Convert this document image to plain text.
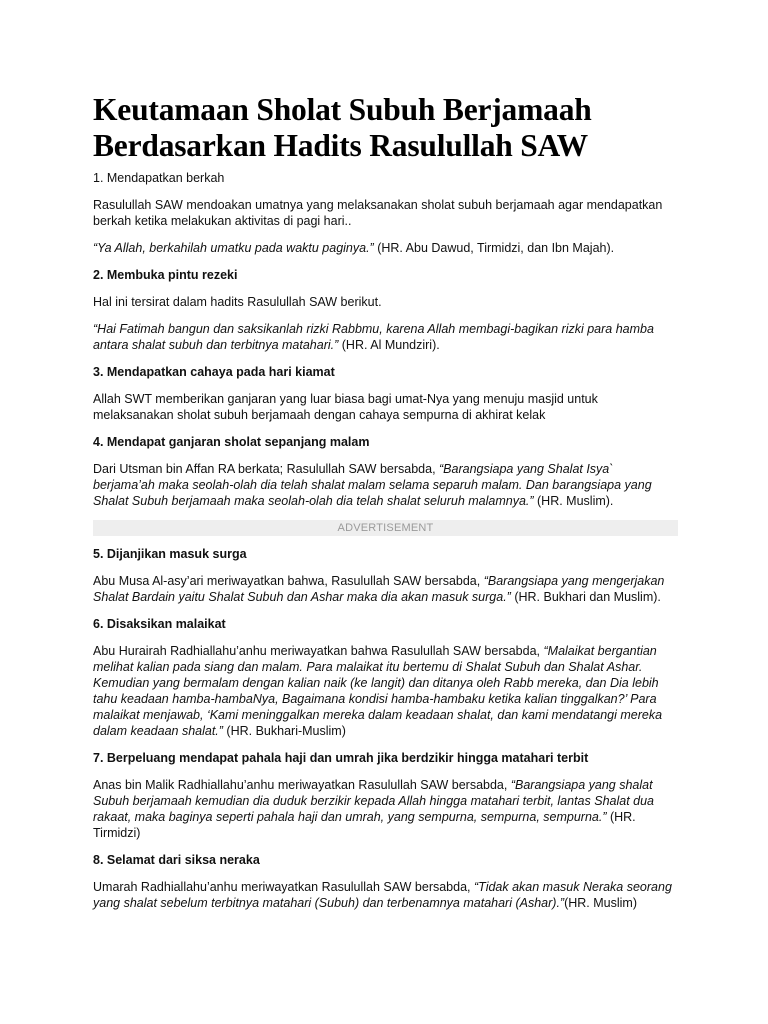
Keutamaan Sholat Subuh Berjamaah Berdasarkan Hadits Rasulullah SAW
1. Mendapatkan berkah

Rasulullah SAW mendoakan umatnya yang melaksanakan sholat subuh berjamaah agar mendapatkan berkah ketika melakukan aktivitas di pagi hari..

“Ya Allah, berkahilah umatku pada waktu paginya.” (HR. Abu Dawud, Tirmidzi, dan Ibn Majah).

2. Membuka pintu rezeki

Hal ini tersirat dalam hadits Rasulullah SAW berikut.

“Hai Fatimah bangun dan saksikanlah rizki Rabbmu, karena Allah membagi-bagikan rizki para hamba antara shalat subuh dan terbitnya matahari.” (HR. Al Mundziri).

3. Mendapatkan cahaya pada hari kiamat

Allah SWT memberikan ganjaran yang luar biasa bagi umat-Nya yang menuju masjid untuk melaksanakan sholat subuh berjamaah dengan cahaya sempurna di akhirat kelak

4. Mendapat ganjaran sholat sepanjang malam

Dari Utsman bin Affan RA berkata; Rasulullah SAW bersabda, “Barangsiapa yang Shalat Isya` berjama’ah maka seolah-olah dia telah shalat malam selama separuh malam. Dan barangsiapa yang Shalat Subuh berjamaah maka seolah-olah dia telah shalat seluruh malamnya.” (HR. Muslim).

ADVERTISEMENT
5. Dijanjikan masuk surga

Abu Musa Al-asy’ari meriwayatkan bahwa, Rasulullah SAW bersabda, “Barangsiapa yang mengerjakan Shalat Bardain yaitu Shalat Subuh dan Ashar maka dia akan masuk surga.” (HR. Bukhari dan Muslim).

6. Disaksikan malaikat

Abu Hurairah Radhiallahu’anhu meriwayatkan bahwa Rasulullah SAW bersabda, “Malaikat bergantian melihat kalian pada siang dan malam. Para malaikat itu bertemu di Shalat Subuh dan Shalat Ashar. Kemudian yang bermalam dengan kalian naik (ke langit) dan ditanya oleh Rabb mereka, dan Dia lebih tahu keadaan hamba-hambaNya, Bagaimana kondisi hamba-hambaku ketika kalian tinggalkan?’ Para malaikat menjawab, ‘Kami meninggalkan mereka dalam keadaan shalat, dan kami mendatangi mereka dalam keadaan shalat.” (HR. Bukhari-Muslim)

7. Berpeluang mendapat pahala haji dan umrah jika berdzikir hingga matahari terbit

Anas bin Malik Radhiallahu’anhu meriwayatkan Rasulullah SAW bersabda, “Barangsiapa yang shalat Subuh berjamaah kemudian dia duduk berzikir kepada Allah hingga matahari terbit, lantas Shalat dua rakaat, maka baginya seperti pahala haji dan umrah, yang sempurna, sempurna, sempurna.” (HR. Tirmidzi)

8. Selamat dari siksa neraka

Umarah Radhiallahu’anhu meriwayatkan Rasulullah SAW bersabda, “Tidak akan masuk Neraka seorang yang shalat sebelum terbitnya matahari (Subuh) dan terbenamnya matahari (Ashar).”(HR. Muslim)
